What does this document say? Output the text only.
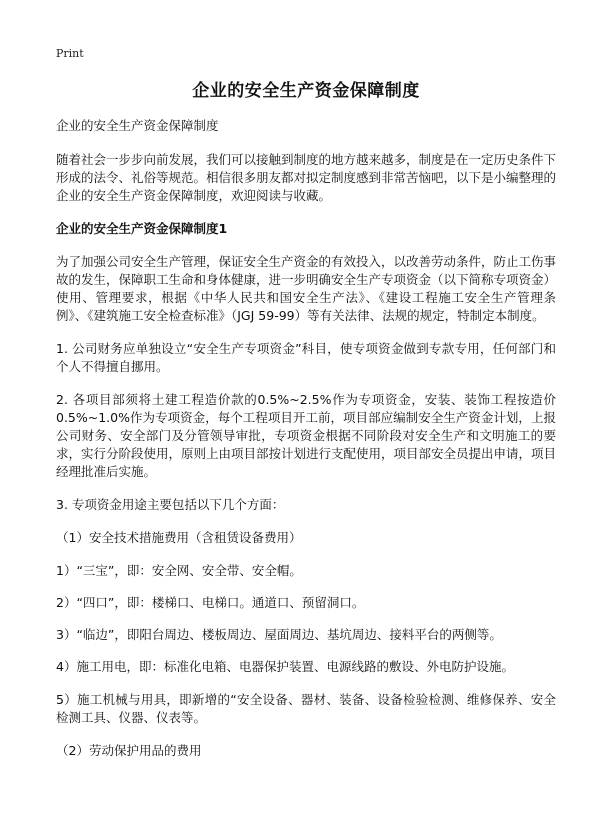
Print
企业的安全生产资金保障制度
企业的安全生产资金保障制度

随着社会一步步向前发展，我们可以接触到制度的地方越来越多，制度是在一定历史条件下形成的法令、礼俗等规范。相信很多朋友都对拟定制度感到非常苦恼吧，以下是小编整理的企业的安全生产资金保障制度，欢迎阅读与收藏。

企业的安全生产资金保障制度1

为了加强公司安全生产管理，保证安全生产资金的有效投入，以改善劳动条件，防止工伤事故的发生，保障职工生命和身体健康，进一步明确安全生产专项资金（以下简称专项资金）使用、管理要求，根据《中华人民共和国安全生产法》、《建设工程施工安全生产管理条例》、《建筑施工安全检查标准》（JGJ 59-99）等有关法律、法规的规定，特制定本制度。

1. 公司财务应单独设立“安全生产专项资金”科目，使专项资金做到专款专用，任何部门和个人不得擅自挪用。

2. 各项目部须将土建工程造价款的0.5%~2.5%作为专项资金，安装、装饰工程按造价0.5%~1.0%作为专项资金，每个工程项目开工前，项目部应编制安全生产资金计划，上报公司财务、安全部门及分管领导审批，专项资金根据不同阶段对安全生产和文明施工的要求，实行分阶段使用，原则上由项目部按计划进行支配使用，项目部安全员提出申请，项目经理批准后实施。

3. 专项资金用途主要包括以下几个方面：

（1）安全技术措施费用（含租赁设备费用）

1）“三宝”，即：安全网、安全带、安全帽。

2）“四口”，即：楼梯口、电梯口。通道口、预留洞口。

3）“临边”，即阳台周边、楼板周边、屋面周边、基坑周边、接料平台的两侧等。

4）施工用电，即：标准化电箱、电器保护装置、电源线路的敷设、外电防护设施。

5）施工机械与用具，即新增的“安全设备、器材、装备、设备检验检测、维修保养、安全检测工具、仪器、仪表等。

（2）劳动保护用品的费用
